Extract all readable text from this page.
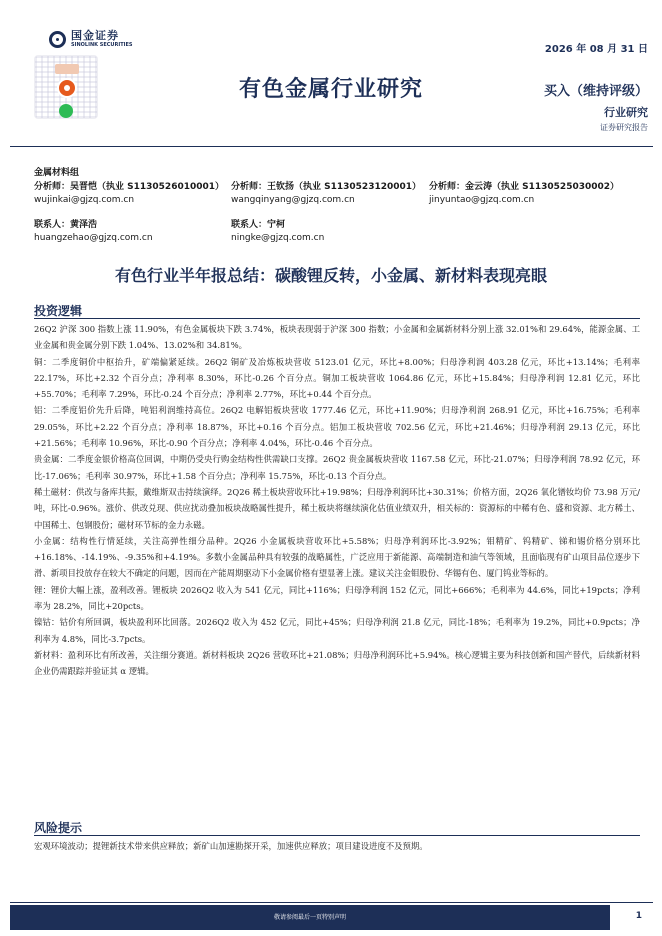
国金证券
SINOLINK SECURITIES	2026 年 08 月 31 日
有色金属行业研究	买入（维持评级）
行业研究
证券研究报告
金属材料组
分析师：吴晋恺（执业 S1130526010001）
wujinkai@gjzq.com.cn
分析师：王钦扬（执业 S1130523120001）
wangqinyang@gjzq.com.cn
分析师：金云涛（执业 S1130525030002）
jinyuntao@gjzq.com.cn
联系人：黄泽浩
huangzehao@gjzq.com.cn
联系人：宁柯
ningke@gjzq.com.cn
有色行业半年报总结：碳酸锂反转，小金属、新材料表现亮眼
投资逻辑

26Q2 沪深 300 指数上涨 11.90%，有色金属板块下跌 3.74%，板块表现弱于沪深 300 指数；小金属和金属新材料分别上涨 32.01%和 29.64%，能源金属、工业金属和贵金属分别下跌 1.04%、13.02%和 34.81%。

铜：二季度铜价中枢抬升，矿端偏紧延续。26Q2 铜矿及冶炼板块营收 5123.01 亿元，环比+8.00%；归母净利润 403.28 亿元，环比+13.14%；毛利率 22.17%，环比+2.32 个百分点；净利率 8.30%，环比-0.26 个百分点。铜加工板块营收 1064.86 亿元，环比+15.84%；归母净利润 12.81 亿元，环比+55.70%；毛利率 7.29%，环比-0.24 个百分点；净利率 2.77%，环比+0.44 个百分点。

铝：二季度铝价先升后降，吨铝利润维持高位。26Q2 电解铝板块营收 1777.46 亿元，环比+11.90%；归母净利润 268.91 亿元，环比+16.75%；毛利率 29.05%，环比+2.22 个百分点；净利率 18.87%，环比+0.16 个百分点。铝加工板块营收 702.56 亿元，环比+21.46%；归母净利润 29.13 亿元，环比+21.56%；毛利率 10.96%，环比-0.90 个百分点；净利率 4.04%，环比-0.46 个百分点。

贵金属：二季度金银价格高位回调，中期仍受央行购金结构性供需缺口支撑。26Q2 贵金属板块营收 1167.58 亿元，环比-21.07%；归母净利润 78.92 亿元，环比-17.06%；毛利率 30.97%，环比+1.58 个百分点；净利率 15.75%，环比-0.13 个百分点。

稀土磁材：供改与备库共振，戴维斯双击持续演绎。2Q26 稀土板块营收环比+19.98%；归母净利润环比+30.31%；价格方面，2Q26 氧化镨钕均价 73.98 万元/吨，环比-0.96%。涨价、供改兑现、供应扰动叠加板块战略属性提升，稀土板块将继续演化估值业绩双升，相关标的：资源标的中稀有色、盛和资源、北方稀土、中国稀土、包钢股份；磁材环节标的金力永磁。

小金属：结构性行情延续，关注高弹性细分品种。2Q26 小金属板块营收环比+5.58%；归母净利润环比-3.92%；钼精矿、钨精矿、锑和锡价格分别环比+16.18%、-14.19%、-9.35%和+4.19%。多数小金属品种具有较强的战略属性，广泛应用于新能源、高端制造和油气等领域，且面临现有矿山项目品位逐步下滑、新项目投放存在较大不确定的问题，因而在产能周期驱动下小金属价格有望显著上涨。建议关注金钼股份、华锡有色、厦门钨业等标的。

锂：锂价大幅上涨，盈利改善。锂板块 2026Q2 收入为 541 亿元，同比+116%；归母净利润 152 亿元，同比+666%；毛利率为 44.6%，同比+19pcts；净利率为 28.2%，同比+20pcts。

镍钴：钴价有所回调，板块盈利环比回落。2026Q2 收入为 452 亿元，同比+45%；归母净利润 21.8 亿元，同比-18%；毛利率为 19.2%，同比+0.9pcts；净利率为 4.8%，同比-3.7pcts。

新材料：盈利环比有所改善，关注细分赛道。新材料板块 2Q26 营收环比+21.08%；归母净利润环比+5.94%。核心逻辑主要为科技创新和国产替代，后续新材料企业仍需跟踪并验证其 α 逻辑。

风险提示

宏观环境波动；提锂新技术带来供应释放；新矿山加速勘探开采，加速供应释放；项目建设进度不及预期。

敬请参阅最后一页特别声明	1
